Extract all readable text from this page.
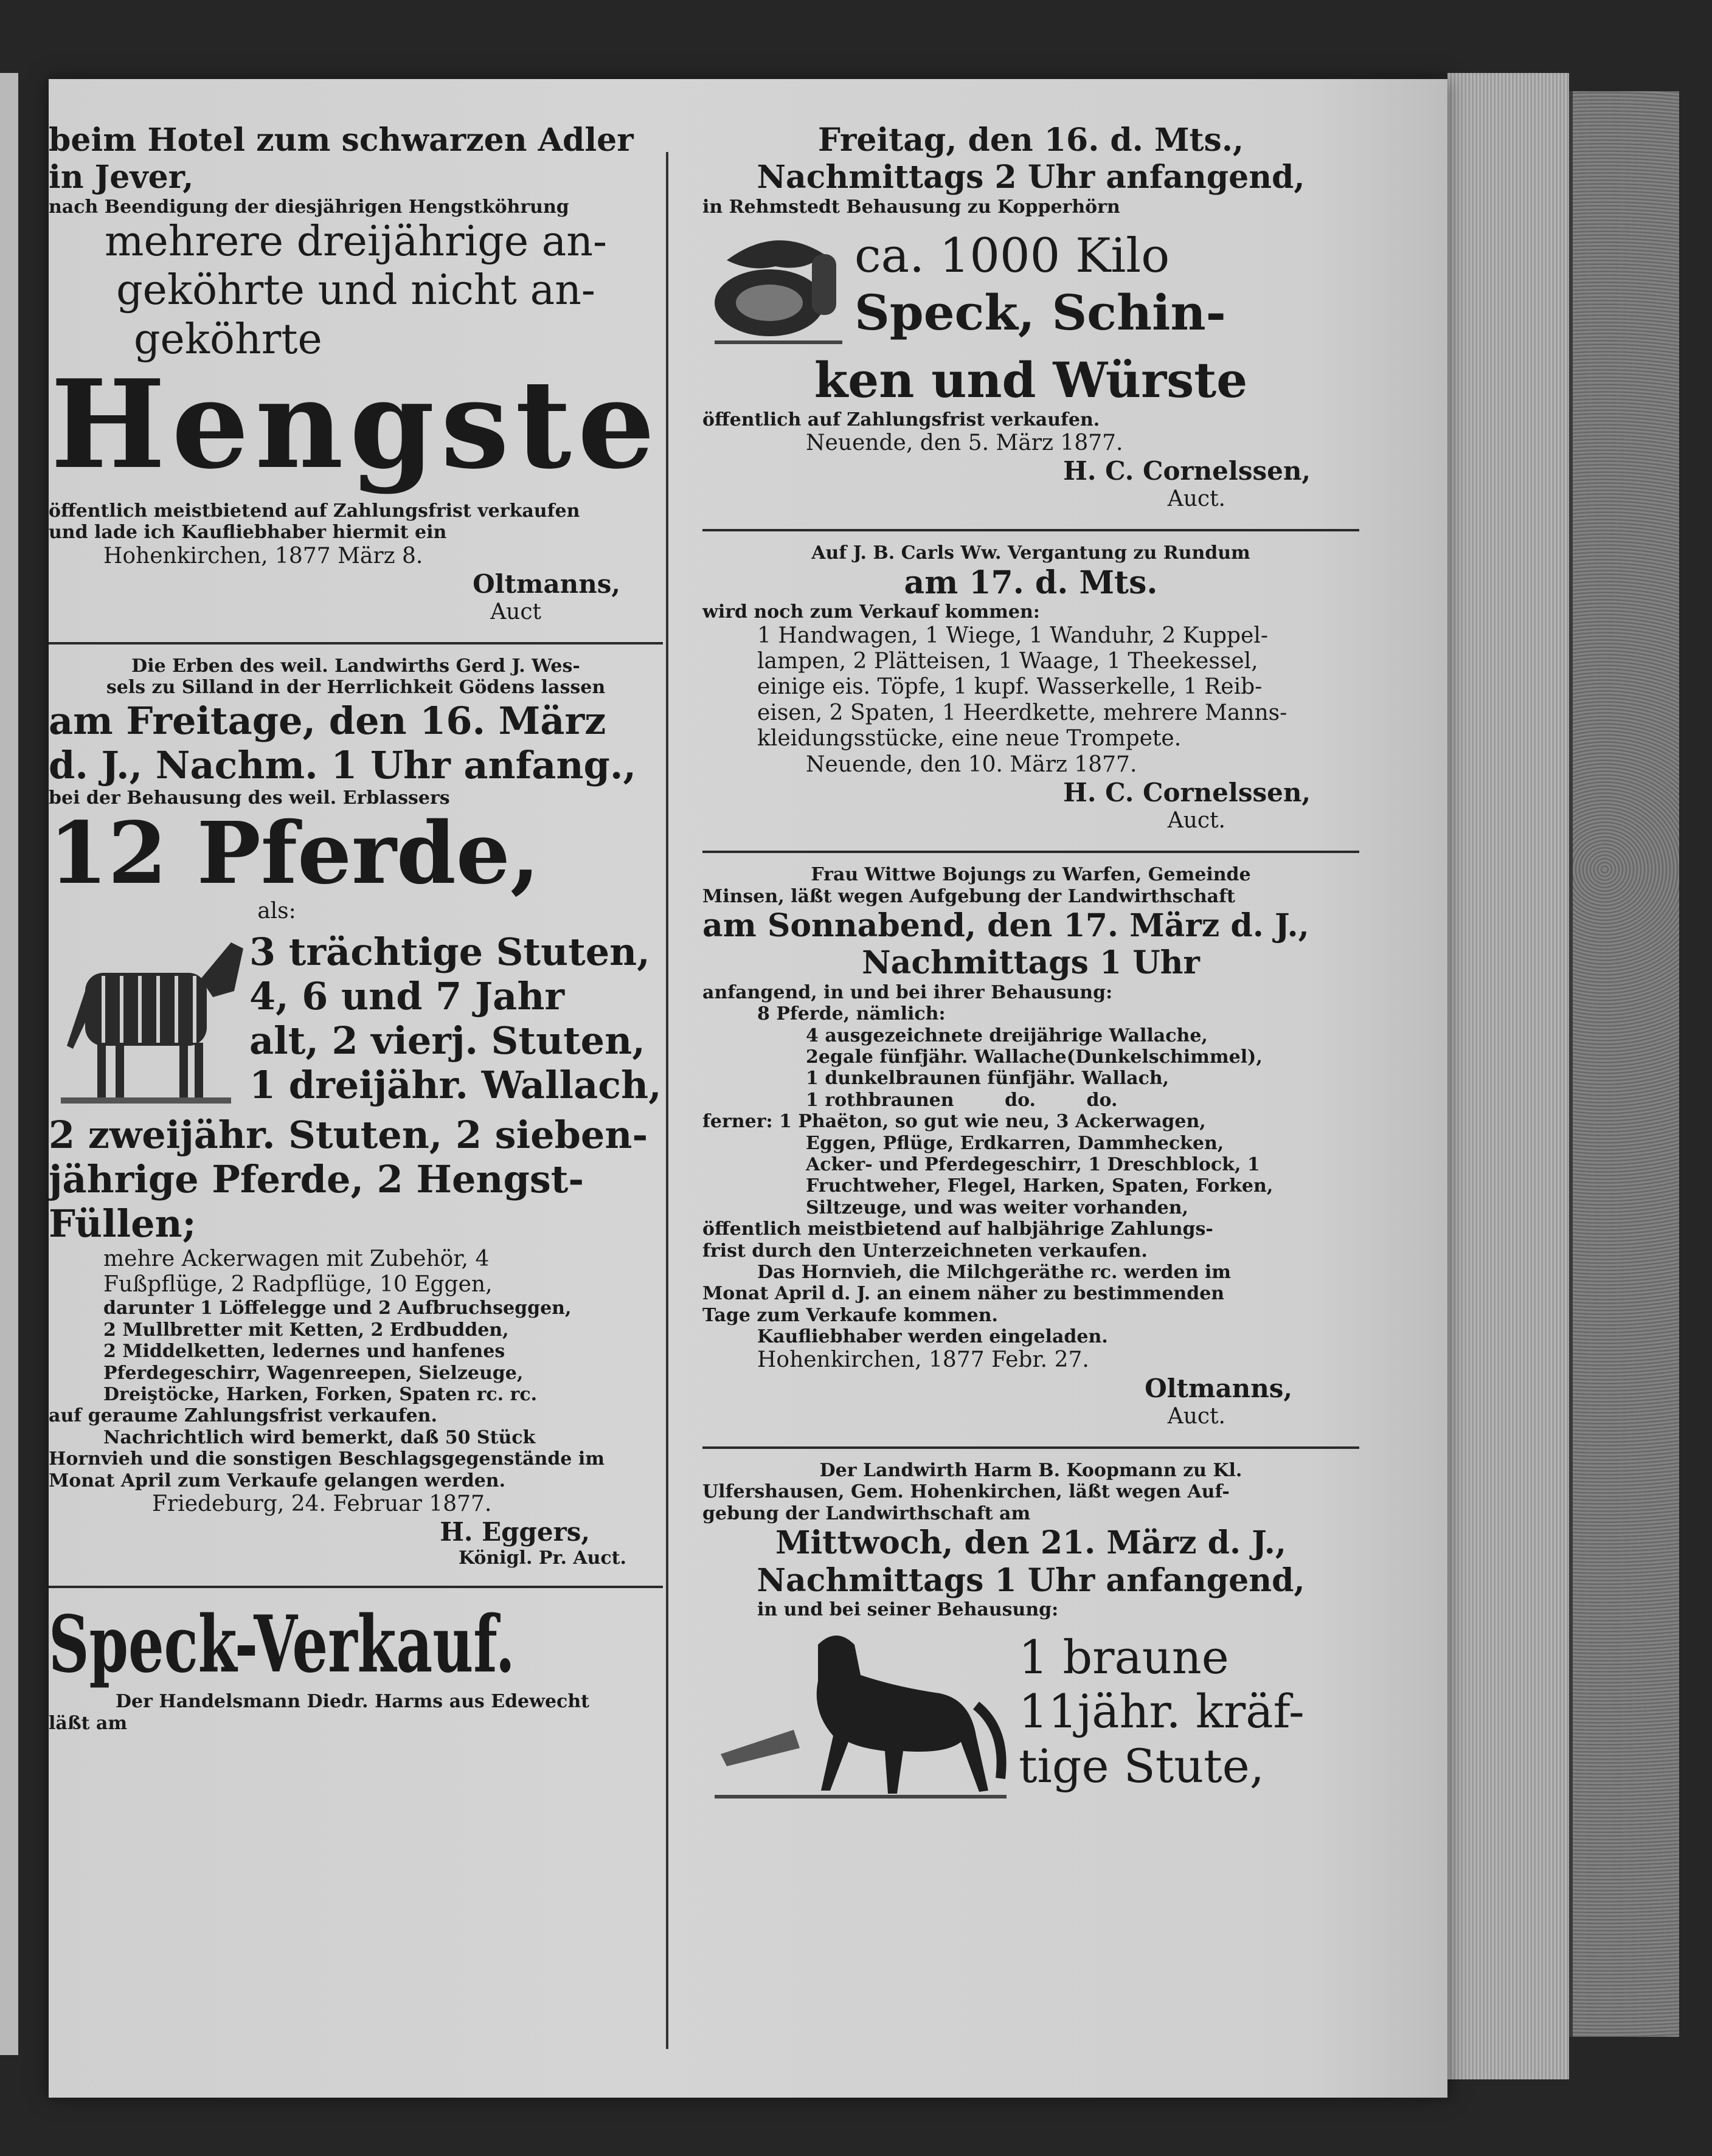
beim Hotel zum schwarzen Adler

in Jever,

nach Beendigung der diesjährigen Hengstköhrung

mehrere dreijährige an-

geköhrte und nicht an-

geköhrte

Hengste

öffentlich meistbietend auf Zahlungsfrist verkaufen

und lade ich Kaufliebhaber hiermit ein

Hohenkirchen, 1877 März 8.

Oltmanns,

Auct

Die Erben des weil. Landwirths Gerd J. Wes-

sels zu Silland in der Herrlichkeit Gödens lassen

am Freitage, den 16. März

d. J., Nachm. 1 Uhr anfang.,

bei der Behausung des weil. Erblassers

12 Pferde,

als:

3 trächtige Stuten,

4, 6 und 7 Jahr

alt, 2 vierj. Stuten,

1 dreijähr. Wallach,

2 zweijähr. Stuten, 2 sieben-

jährige Pferde, 2 Hengst-

Füllen;

mehre Ackerwagen mit Zubehör, 4

Fußpflüge, 2 Radpflüge, 10 Eggen,

darunter 1 Löffelegge und 2 Aufbruchseggen,

2 Mullbretter mit Ketten, 2 Erdbudden,

2 Middelketten, ledernes und hanfenes

Pferdegeschirr, Wagenreepen, Sielzeuge,

Dreiştöcke, Harken, Forken, Spaten rc. rc.

auf geraume Zahlungsfrist verkaufen.

Nachrichtlich wird bemerkt, daß 50 Stück

Hornvieh und die sonstigen Beschlagsgegenstände im

Monat April zum Verkaufe gelangen werden.

Friedeburg, 24. Februar 1877.

H. Eggers,

Königl. Pr. Auct.

Speck-Verkauf.

Der Handelsmann Diedr. Harms aus Edewecht

läßt am

Freitag, den 16. d. Mts.,

Nachmittags 2 Uhr anfangend,

in Rehmstedt Behausung zu Kopperhörn

ca. 1000 Kilo

Speck, Schin-

ken und Würste

öffentlich auf Zahlungsfrist verkaufen.

Neuende, den 5. März 1877.

H. C. Cornelssen,

Auct.

Auf J. B. Carls Ww. Vergantung zu Rundum

am 17. d. Mts.

wird noch zum Verkauf kommen:

1 Handwagen, 1 Wiege, 1 Wanduhr, 2 Kuppel-

lampen, 2 Plätteisen, 1 Waage, 1 Theekessel,

einige eis. Töpfe, 1 kupf. Wasserkelle, 1 Reib-

eisen, 2 Spaten, 1 Heerdkette, mehrere Manns-

kleidungsstücke, eine neue Trompete.

Neuende, den 10. März 1877.

H. C. Cornelssen,

Auct.

Frau Wittwe Bojungs zu Warfen, Gemeinde

Minsen, läßt wegen Aufgebung der Landwirthschaft

am Sonnabend, den 17. März d. J.,

Nachmittags 1 Uhr

anfangend, in und bei ihrer Behausung:

8 Pferde, nämlich:

4 ausgezeichnete dreijährige Wallache,

2egale fünfjähr. Wallache(Dunkelschimmel),

1 dunkelbraunen fünfjähr. Wallach,

1 rothbraunen        do.        do.

ferner: 1 Phaëton, so gut wie neu, 3 Ackerwagen,

Eggen, Pflüge, Erdkarren, Dammhecken,

Acker- und Pferdegeschirr, 1 Dreschblock, 1

Fruchtweher, Flegel, Harken, Spaten, Forken,

Siltzeuge, und was weiter vorhanden,

öffentlich meistbietend auf halbjährige Zahlungs-

frist durch den Unterzeichneten verkaufen.

Das Hornvieh, die Milchgeräthe rc. werden im

Monat April d. J. an einem näher zu bestimmenden

Tage zum Verkaufe kommen.

Kaufliebhaber werden eingeladen.

Hohenkirchen, 1877 Febr. 27.

Oltmanns,

Auct.

Der Landwirth Harm B. Koopmann zu Kl.

Ulfershausen, Gem. Hohenkirchen, läßt wegen Auf-

gebung der Landwirthschaft am

Mittwoch, den 21. März d. J.,

Nachmittags 1 Uhr anfangend,

in und bei seiner Behausung:

1 braune

11jähr. kräf-

tige Stute,
